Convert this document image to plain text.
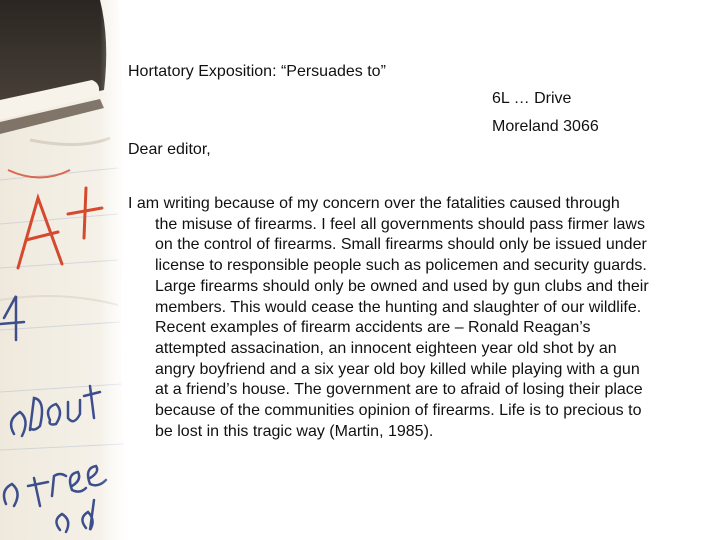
Hortatory Exposition: “Persuades to”
6L … Drive
Moreland 3066
Dear editor,
I am writing because of my concern over the fatalities caused through
the misuse of firearms. I feel all governments should pass firmer laws
on the control of firearms. Small firearms should only be issued under
license to responsible people such as policemen and security guards.
Large firearms should only be owned and used by gun clubs and their
members. This would cease the hunting and slaughter of our wildlife.
Recent examples of firearm accidents are – Ronald Reagan’s
attempted assacination, an innocent eighteen year old shot by an
angry boyfriend and a six year old boy killed while playing with a gun
at a friend’s house. The government are to afraid of losing their place
because of the communities opinion of firearms. Life is to precious to
be lost in this tragic way (Martin, 1985).
